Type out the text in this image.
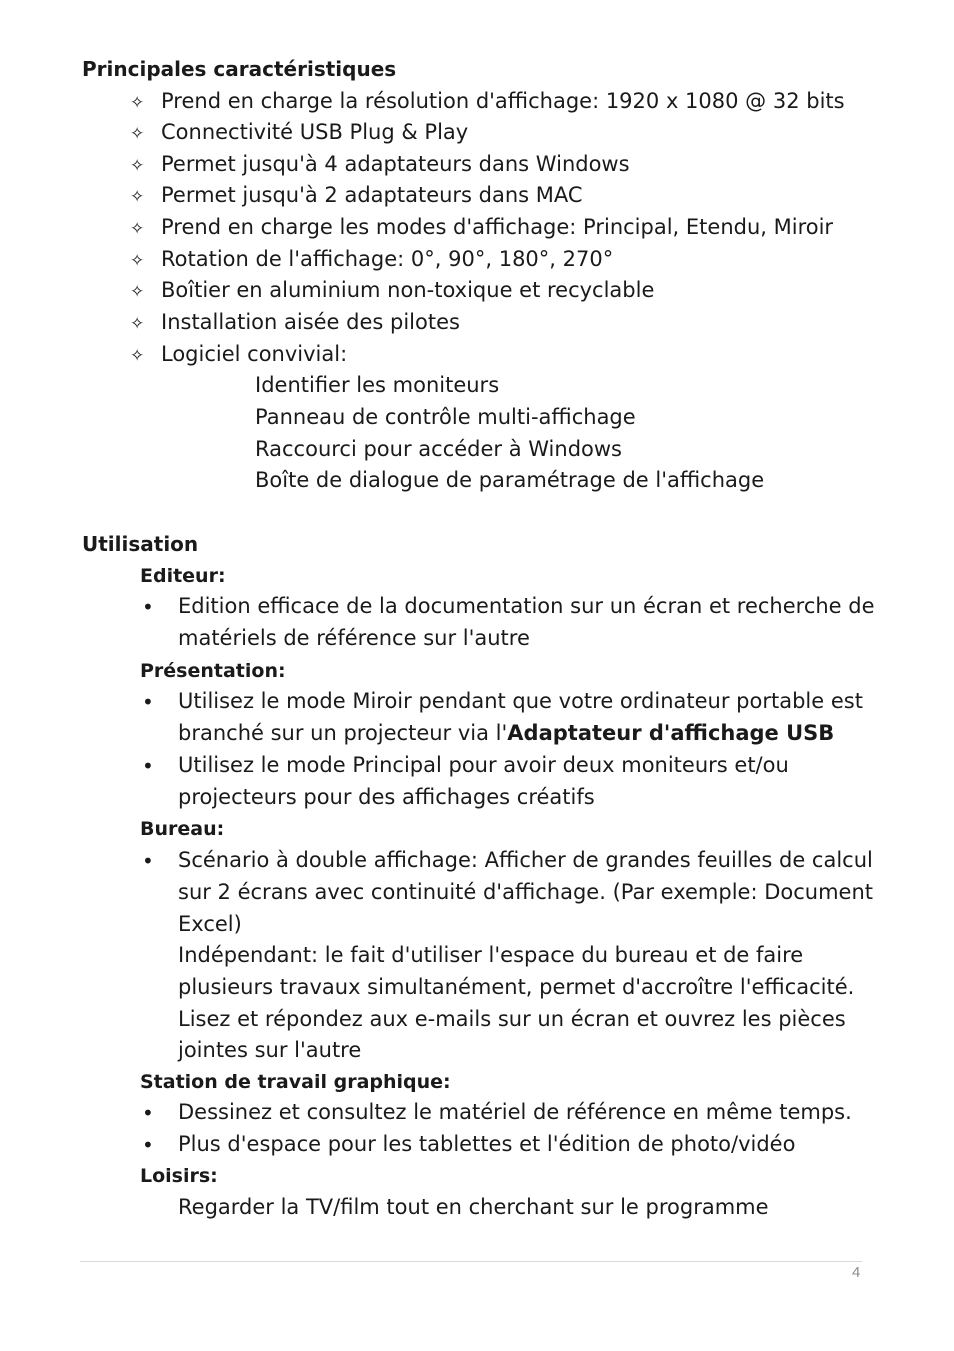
Principales caractéristiques
✧ Prend en charge la résolution d'affichage: 1920 x 1080 @ 32 bits
✧ Connectivité USB Plug & Play
✧ Permet jusqu'à 4 adaptateurs dans Windows
✧ Permet jusqu'à 2 adaptateurs dans MAC
✧ Prend en charge les modes d'affichage: Principal, Etendu, Miroir
✧ Rotation de l'affichage: 0°, 90°, 180°, 270°
✧ Boîtier en aluminium non-toxique et recyclable
✧ Installation aisée des pilotes
✧ Logiciel convivial:
Identifier les moniteurs
Panneau de contrôle multi-affichage
Raccourci pour accéder à Windows
Boîte de dialogue de paramétrage de l'affichage
Utilisation
Editeur:
• Edition efficace de la documentation sur un écran et recherche de matériels de référence sur l'autre
Présentation:
• Utilisez le mode Miroir pendant que votre ordinateur portable est branché sur un projecteur via l'Adaptateur d'affichage USB
• Utilisez le mode Principal pour avoir deux moniteurs et/ou projecteurs pour des affichages créatifs
Bureau:
• Scénario à double affichage: Afficher de grandes feuilles de calcul sur 2 écrans avec continuité d'affichage. (Par exemple: Document Excel)
Indépendant: le fait d'utiliser l'espace du bureau et de faire plusieurs travaux simultanément, permet d'accroître l'efficacité. Lisez et répondez aux e-mails sur un écran et ouvrez les pièces jointes sur l'autre
Station de travail graphique:
• Dessinez et consultez le matériel de référence en même temps.
• Plus d'espace pour les tablettes et l'édition de photo/vidéo
Loisirs:
Regarder la TV/film tout en cherchant sur le programme
4
